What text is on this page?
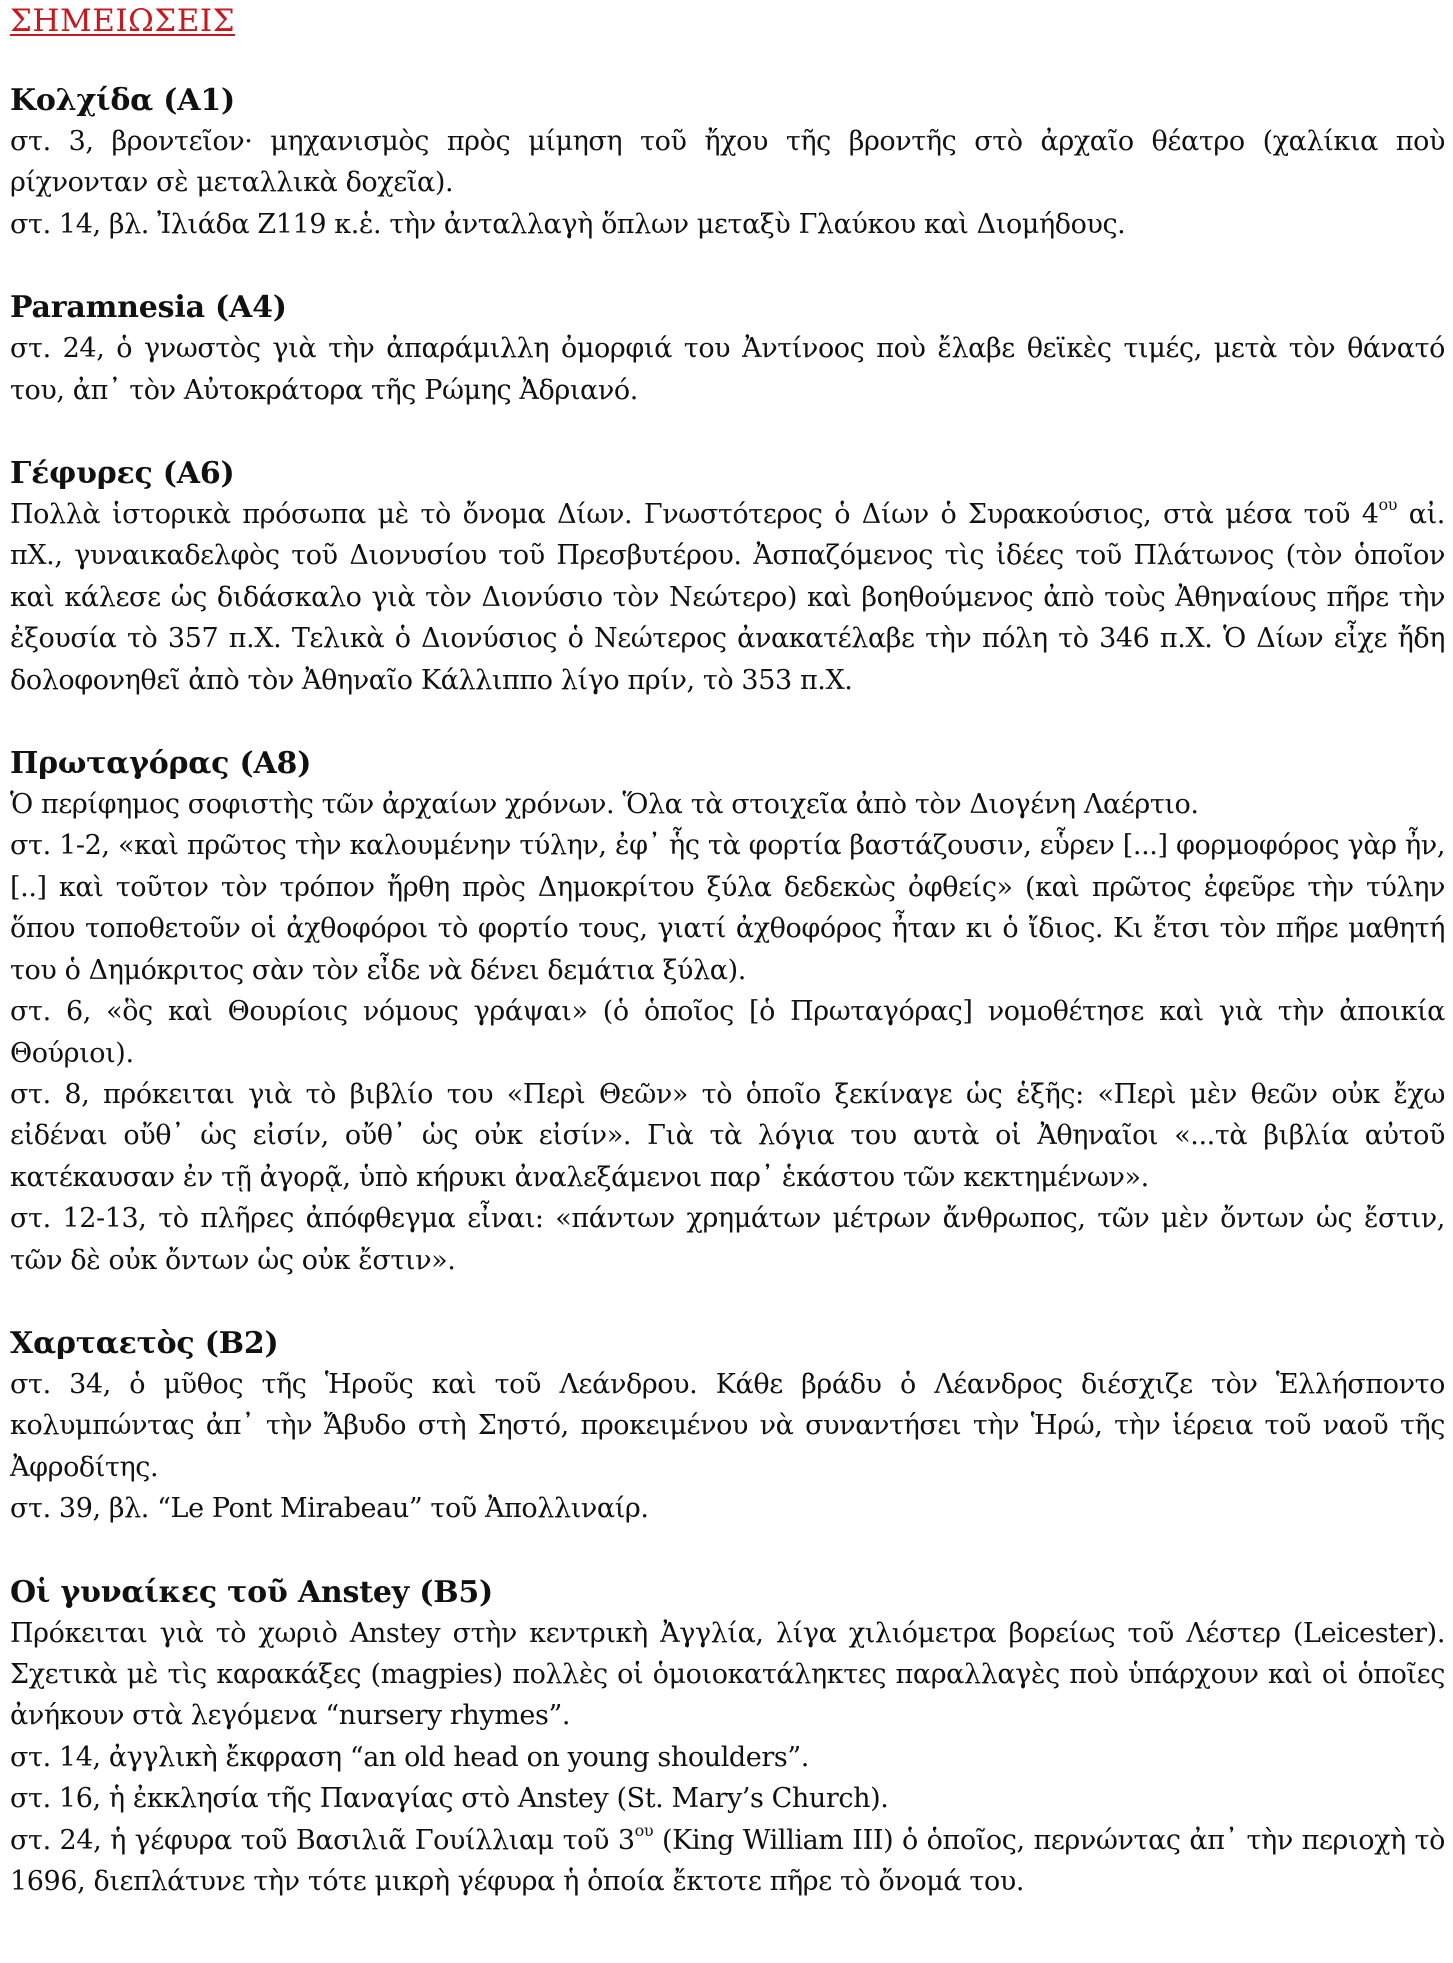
ΣΗΜΕΙΩΣΕΙΣ
Κολχίδα (Α1)

στ. 3, βροντεῖον· μηχανισμὸς πρὸς μίμηση τοῦ ἤχου τῆς βροντῆς στὸ ἀρχαῖο θέατρο (χαλίκια ποὺ ρίχνονταν σὲ μεταλλικὰ δοχεῖα).

στ. 14, βλ. Ἰλιάδα Ζ119 κ.ἑ. τὴν ἀνταλλαγὴ ὅπλων μεταξὺ Γλαύκου καὶ Διομήδους.

Paramnesia (Α4)

στ. 24, ὁ γνωστὸς γιὰ τὴν ἀπαράμιλλη ὀμορφιά του Ἀντίνοος ποὺ ἔλαβε θεϊκὲς τιμές, μετὰ τὸν θάνατό του, ἀπ᾽ τὸν Αὐτοκράτορα τῆς Ρώμης Ἀδριανό.

Γέφυρες (Α6)

Πολλὰ ἱστορικὰ πρόσωπα μὲ τὸ ὄνομα Δίων. Γνωστότερος ὁ Δίων ὁ Συρακούσιος, στὰ μέσα τοῦ $4^{o\upsilon}$ αἰ. πΧ., γυναικαδελφὸς τοῦ Διονυσίου τοῦ Πρεσβυτέρου. Ἀσπαζόμενος τὶς ἰδέες τοῦ Πλάτωνος (τὸν ὁποῖον καὶ κάλεσε ὡς διδάσκαλο γιὰ τὸν Διονύσιο τὸν Νεώτερο) καὶ βοηθούμενος ἀπὸ τοὺς Ἀθηναίους πῆρε τὴν ἐξουσία τὸ 357 π.Χ. Τελικὰ ὁ Διονύσιος ὁ Νεώτερος ἀνακατέλαβε τὴν πόλη τὸ 346 π.Χ. Ὁ Δίων εἶχε ἤδη δολοφονηθεῖ ἀπὸ τὸν Ἀθηναῖο Κάλλιππο λίγο πρίν, τὸ 353 π.Χ.

Πρωταγόρας (Α8)

Ὁ περίφημος σοφιστὴς τῶν ἀρχαίων χρόνων. Ὅλα τὰ στοιχεῖα ἀπὸ τὸν Διογένη Λαέρτιο.

στ. 1-2, «καὶ πρῶτος τὴν καλουμένην τύλην, ἐφ᾽ ἧς τὰ φορτία βαστάζουσιν, εὗρεν [...] φορμοφόρος γὰρ ἦν, [..] καὶ τοῦτον τὸν τρόπον ἤρθη πρὸς Δημοκρίτου ξύλα δεδεκὼς ὀφθείς» (καὶ πρῶτος ἐφεῦρε τὴν τύλην ὅπου τοποθετοῦν οἱ ἀχθοφόροι τὸ φορτίο τους, γιατί ἀχθοφόρος ἦταν κι ὁ ἴδιος. Κι ἔτσι τὸν πῆρε μαθητή του ὁ Δημόκριτος σὰν τὸν εἶδε νὰ δένει δεμάτια ξύλα).

στ. 6, «ὃς καὶ Θουρίοις νόμους γράψαι» (ὁ ὁποῖος [ὁ Πρωταγόρας] νομοθέτησε καὶ γιὰ τὴν ἀποικία Θούριοι).

στ. 8, πρόκειται γιὰ τὸ βιβλίο του «Περὶ Θεῶν» τὸ ὁποῖο ξεκίναγε ὡς ἑξῆς: «Περὶ μὲν θεῶν οὐκ ἔχω εἰδέναι οὔθ᾽ ὡς εἰσίν, οὔθ᾽ ὡς οὐκ εἰσίν». Γιὰ τὰ λόγια του αυτὰ οἱ Ἀθηναῖοι «...τὰ βιβλία αὐτοῦ κατέκαυσαν ἐν τῇ ἀγορᾷ, ὑπὸ κήρυκι ἀναλεξάμενοι παρ᾽ ἑκάστου τῶν κεκτημένων».

στ. 12-13, τὸ πλῆρες ἀπόφθεγμα εἶναι: «πάντων χρημάτων μέτρων ἄνθρωπος, τῶν μὲν ὄντων ὡς ἔστιν, τῶν δὲ οὐκ ὄντων ὡς οὐκ ἔστιν».

Χαρταετὸς (Β2)

στ. 34, ὁ μῦθος τῆς Ἡροῦς καὶ τοῦ Λεάνδρου. Κάθε βράδυ ὁ Λέανδρος διέσχιζε τὸν Ἑλλήσποντο κολυμπώντας ἀπ᾽ τὴν Ἄβυδο στὴ Σηστό, προκειμένου νὰ συναντήσει τὴν Ἡρώ, τὴν ἱέρεια τοῦ ναοῦ τῆς Ἀφροδίτης.

στ. 39, βλ. “Le Pont Mirabeau” τοῦ Ἀπολλιναίρ.

Οἱ γυναίκες τοῦ Anstey (Β5)

Πρόκειται γιὰ τὸ χωριὸ Anstey στὴν κεντρικὴ Ἀγγλία, λίγα χιλιόμετρα βορείως τοῦ Λέστερ (Leicester). Σχετικὰ μὲ τὶς καρακάξες (magpies) πολλὲς οἱ ὁμοιοκατάληκτες παραλλαγὲς ποὺ ὑπάρχουν καὶ οἱ ὁποῖες ἀνήκουν στὰ λεγόμενα “nursery rhymes”.

στ. 14, ἀγγλικὴ ἔκφραση “an old head on young shoulders”.

στ. 16, ἡ ἐκκλησία τῆς Παναγίας στὸ Anstey (St. Mary’s Church).

στ. 24, ἡ γέφυρα τοῦ Βασιλιᾶ Γουίλλιαμ τοῦ $3^{o\upsilon}$ (King William III) ὁ ὁποῖος, περνώντας ἀπ᾽ τὴν περιοχὴ τὸ 1696, διεπλάτυνε τὴν τότε μικρὴ γέφυρα ἡ ὁποία ἔκτοτε πῆρε τὸ ὄνομά του.
